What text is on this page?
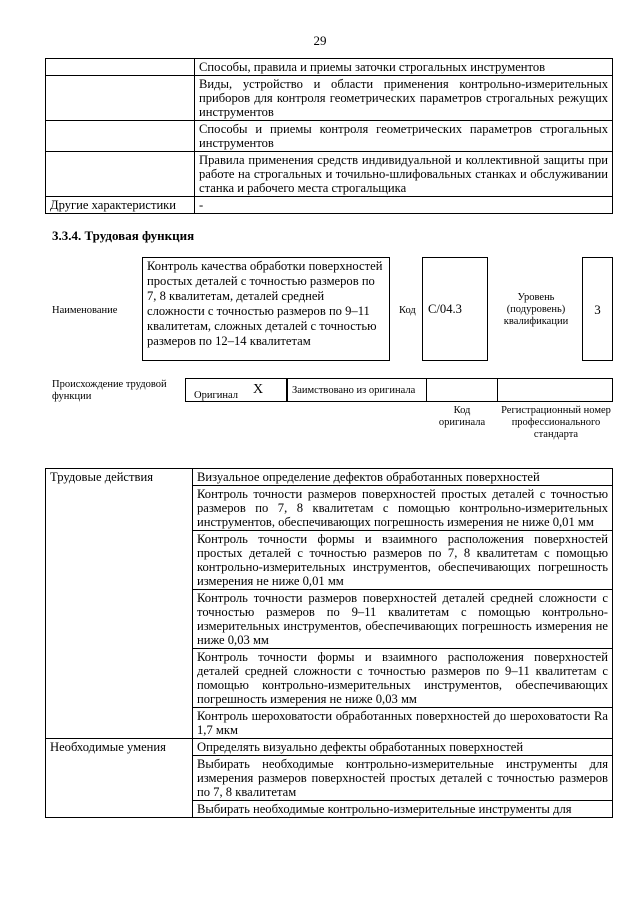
29
	Способы, правила и приемы заточки строгальных инструментов
	Виды, устройство и области применения контрольно-измерительных приборов для контроля геометрических параметров строгальных режущих инструментов
	Способы и приемы контроля геометрических параметров строгальных инструментов
	Правила применения средств индивидуальной и коллективной защиты при работе на строгальных и точильно-шлифовальных станках и обслуживании станка и рабочего места строгальщика
Другие характеристики	-
3.3.4. Трудовая функция
Наименование
Контроль качества обработки поверхностей простых деталей с точностью размеров по 7, 8 квалитетам, деталей средней сложности с точностью размеров по 9–11 квалитетам, сложных деталей с точностью размеров по 12–14 квалитетам
Код С/04.3
Уровень (подуровень) квалификации
3
Происхождение трудовой функции	Оригинал	X	Заимствовано из оригинала
Код оригинала
Регистрационный номер профессионального стандарта
Трудовые действия	Визуальное определение дефектов обработанных поверхностей
	Контроль точности размеров поверхностей простых деталей с точностью размеров по 7, 8 квалитетам с помощью контрольно-измерительных инструментов, обеспечивающих погрешность измерения не ниже 0,01 мм
	Контроль точности формы и взаимного расположения поверхностей простых деталей с точностью размеров по 7, 8 квалитетам с помощью контрольно-измерительных инструментов, обеспечивающих погрешность измерения не ниже 0,01 мм
	Контроль точности размеров поверхностей деталей средней сложности с точностью размеров по 9–11 квалитетам с помощью контрольно-измерительных инструментов, обеспечивающих погрешность измерения не ниже 0,03 мм
	Контроль точности формы и взаимного расположения поверхностей деталей средней сложности с точностью размеров по 9–11 квалитетам с помощью контрольно-измерительных инструментов, обеспечивающих погрешность измерения не ниже 0,03 мм
	Контроль шероховатости обработанных поверхностей до шероховатости Ra 1,7 мкм
Необходимые умения	Определять визуально дефекты обработанных поверхностей
	Выбирать необходимые контрольно-измерительные инструменты для измерения размеров поверхностей простых деталей с точностью размеров по 7, 8 квалитетам
	Выбирать необходимые контрольно-измерительные инструменты для
